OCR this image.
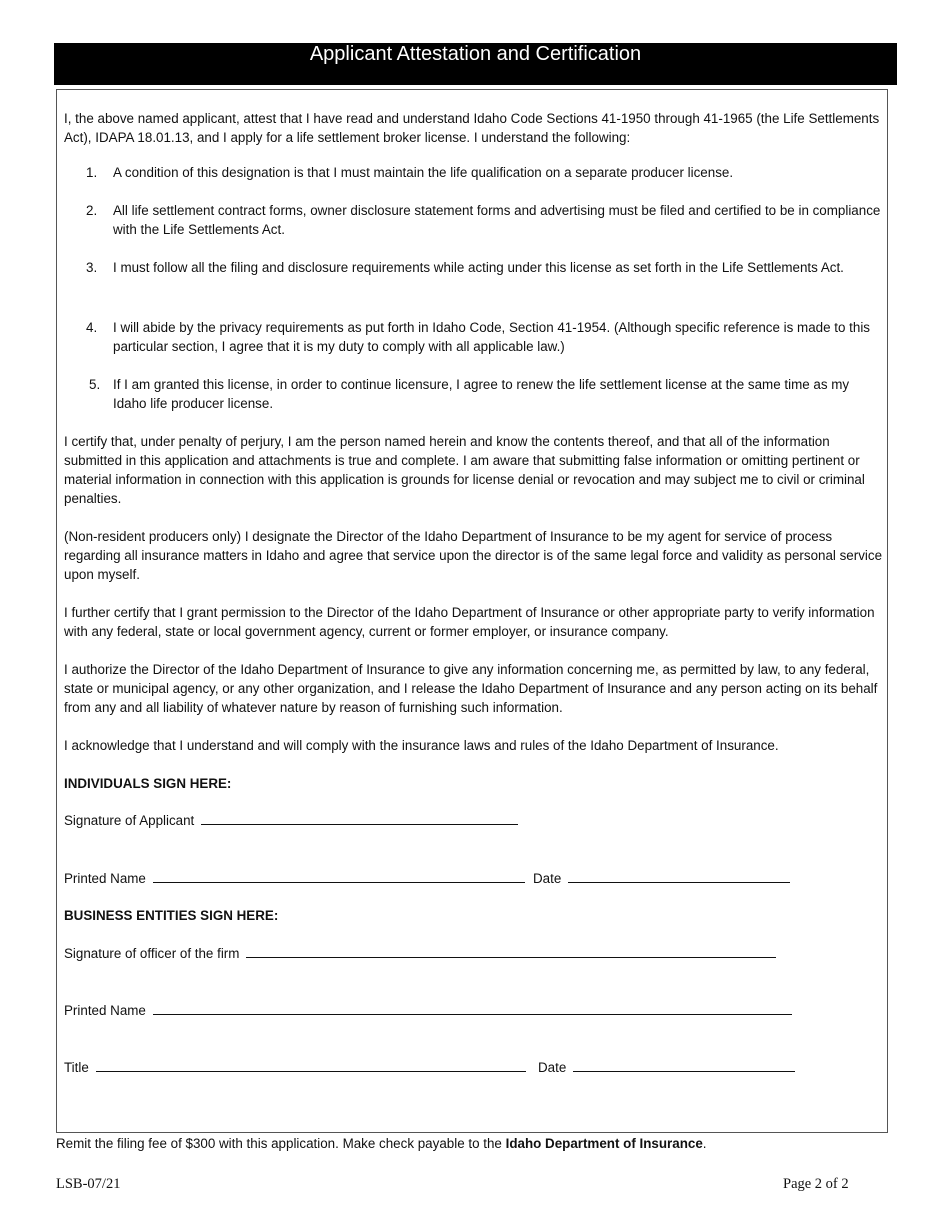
Applicant Attestation and Certification
I, the above named applicant, attest that I have read and understand Idaho Code Sections 41-1950 through 41-1965 (the Life Settlements Act), IDAPA 18.01.13, and I apply for a life settlement broker license. I understand the following:
1. A condition of this designation is that I must maintain the life qualification on a separate producer license.
2. All life settlement contract forms, owner disclosure statement forms and advertising must be filed and certified to be in compliance with the Life Settlements Act.
3. I must follow all the filing and disclosure requirements while acting under this license as set forth in the Life Settlements Act.
4. I will abide by the privacy requirements as put forth in Idaho Code, Section 41-1954. (Although specific reference is made to this particular section, I agree that it is my duty to comply with all applicable law.)
5. If I am granted this license, in order to continue licensure, I agree to renew the life settlement license at the same time as my Idaho life producer license.
I certify that, under penalty of perjury, I am the person named herein and know the contents thereof, and that all of the information submitted in this application and attachments is true and complete. I am aware that submitting false information or omitting pertinent or material information in connection with this application is grounds for license denial or revocation and may subject me to civil or criminal penalties.
(Non-resident producers only) I designate the Director of the Idaho Department of Insurance to be my agent for service of process regarding all insurance matters in Idaho and agree that service upon the director is of the same legal force and validity as personal service upon myself.
I further certify that I grant permission to the Director of the Idaho Department of Insurance or other appropriate party to verify information with any federal, state or local government agency, current or former employer, or insurance company.
I authorize the Director of the Idaho Department of Insurance to give any information concerning me, as permitted by law, to any federal, state or municipal agency, or any other organization, and I release the Idaho Department of Insurance and any person acting on its behalf from any and all liability of whatever nature by reason of furnishing such information.
I acknowledge that I understand and will comply with the insurance laws and rules of the Idaho Department of Insurance.
INDIVIDUALS SIGN HERE:
Signature of Applicant
Printed Name	Date
BUSINESS ENTITIES SIGN HERE:
Signature of officer of the firm
Printed Name
Title	Date
Remit the filing fee of $300 with this application. Make check payable to the Idaho Department of Insurance.
LSB-07/21	Page 2 of 2
